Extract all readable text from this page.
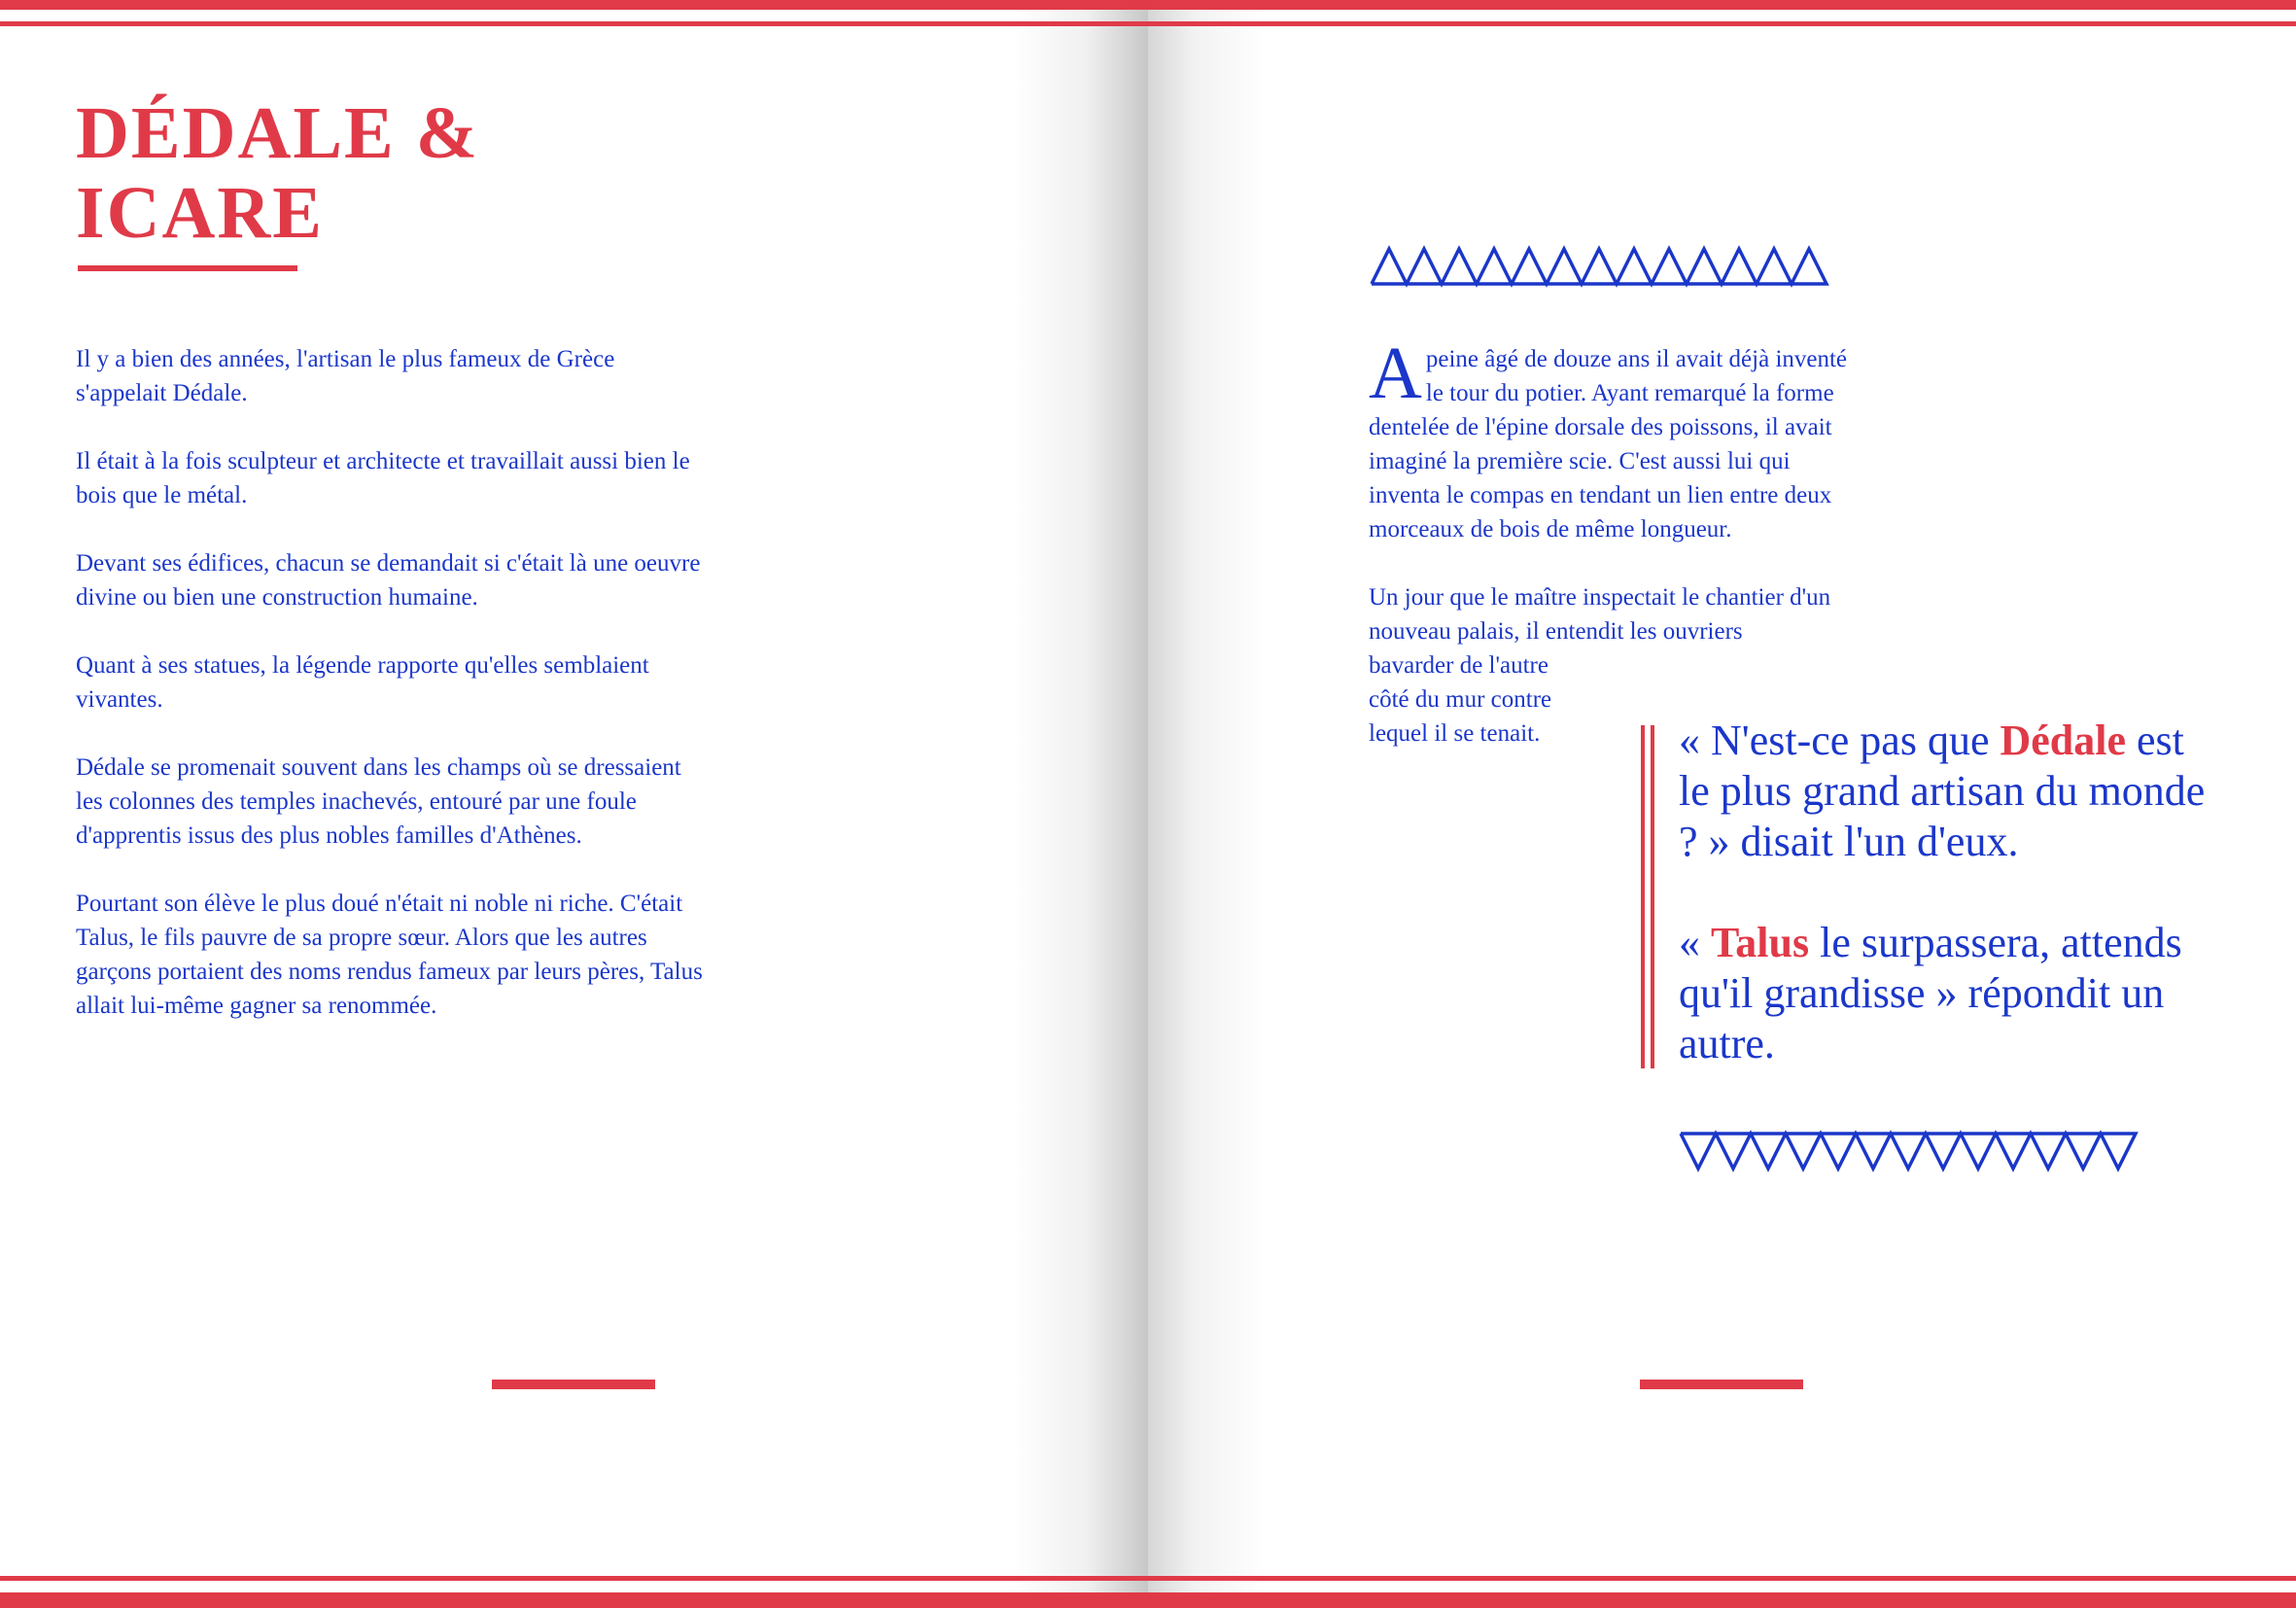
DÉDALE &
ICARE

Il y a bien des années, l'artisan le plus fameux de Grèce s'appelait Dédale.

Il était à la fois sculpteur et architecte et travaillait aussi bien le bois que le métal.

Devant ses édifices, chacun se demandait si c'était là une oeuvre divine ou bien une construction humaine.

Quant à ses statues, la légende rapporte qu'elles semblaient vivantes.

Dédale se promenait souvent dans les champs où se dressaient les colonnes des temples inachevés, entouré par une foule d'apprentis issus des plus nobles familles d'Athènes.

Pourtant son élève le plus doué n'était ni noble ni riche. C'était Talus, le fils pauvre de sa propre sœur. Alors que les autres garçons portaient des noms rendus fameux par leurs pères, Talus allait lui-même gagner sa renommée.

Apeine âgé de douze ans il avait déjà inventé le tour du potier. Ayant remarqué la forme dentelée de l'épine dorsale des poissons, il avait imaginé la première scie. C'est aussi lui qui inventa le compas en tendant un lien entre deux morceaux de bois de même longueur.

Un jour que le maître inspectait le chantier d'un nouveau palais, il entendit les ouvriers
bavarder de l'autre côté du mur contre lequel il se tenait.	« N'est-ce pas que Dédale est le plus grand artisan du monde ? » disait l'un d'eux.

« Talus le surpassera, attends qu'il grandisse » répondit un autre.
